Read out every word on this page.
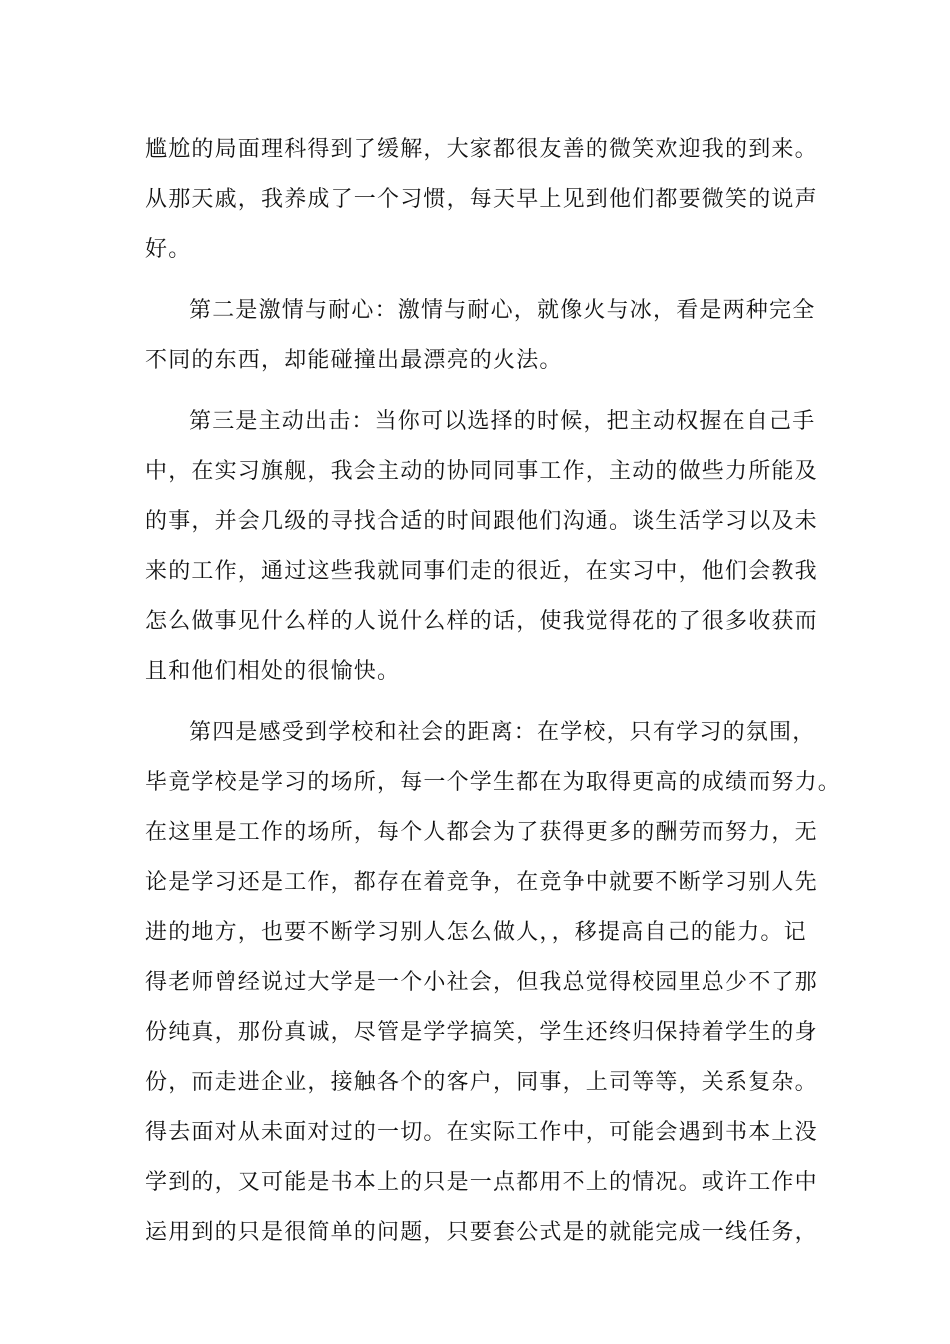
尴尬的局面理科得到了缓解，大家都很友善的微笑欢迎我的到来。
从那天戚，我养成了一个习惯，每天早上见到他们都要微笑的说声
好。
第二是激情与耐心：激情与耐心，就像火与冰，看是两种完全
不同的东西，却能碰撞出最漂亮的火法。
第三是主动出击：当你可以选择的时候，把主动权握在自己手
中，在实习旗舰，我会主动的协同同事工作，主动的做些力所能及
的事，并会几级的寻找合适的时间跟他们沟通。谈生活学习以及未
来的工作，通过这些我就同事们走的很近，在实习中，他们会教我
怎么做事见什么样的人说什么样的话，使我觉得花的了很多收获而
且和他们相处的很愉快。
第四是感受到学校和社会的距离：在学校，只有学习的氛围，
毕竟学校是学习的场所，每一个学生都在为取得更高的成绩而努力。
在这里是工作的场所，每个人都会为了获得更多的酬劳而努力，无
论是学习还是工作，都存在着竞争，在竞争中就要不断学习别人先
进的地方，也要不断学习别人怎么做人，，移提高自己的能力。记
得老师曾经说过大学是一个小社会，但我总觉得校园里总少不了那
份纯真，那份真诚，尽管是学学搞笑，学生还终归保持着学生的身
份，而走进企业，接触各个的客户，同事，上司等等，关系复杂。
得去面对从未面对过的一切。在实际工作中，可能会遇到书本上没
学到的，又可能是书本上的只是一点都用不上的情况。或许工作中
运用到的只是很简单的问题，只要套公式是的就能完成一线任务，
